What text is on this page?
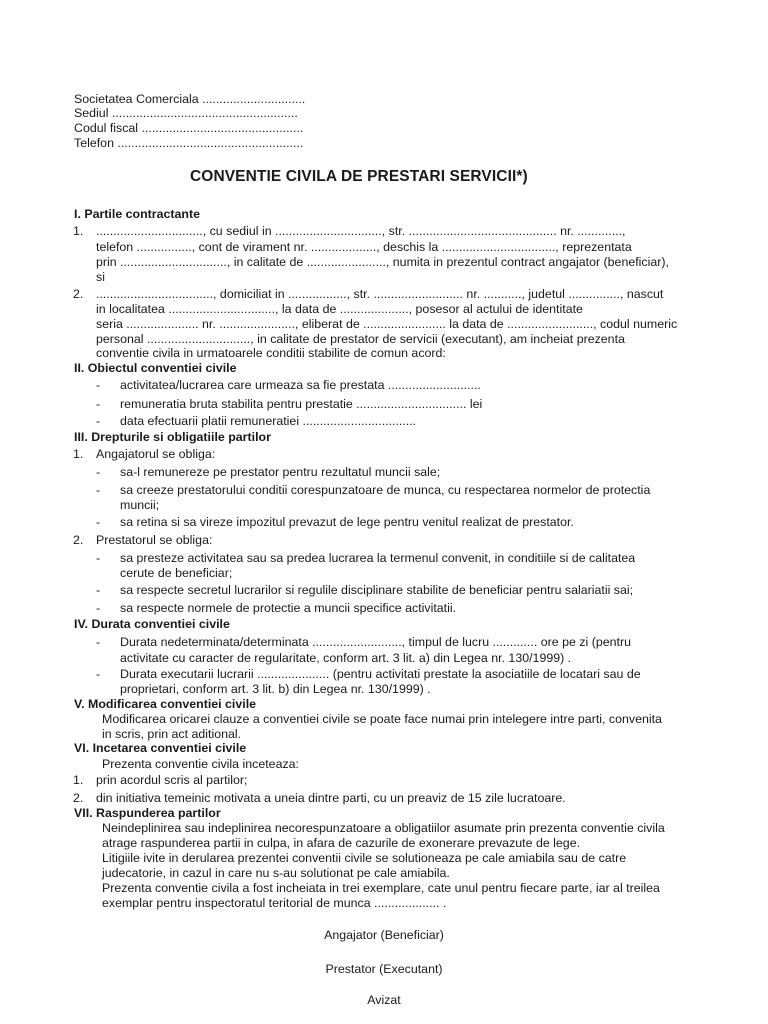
Societatea Comerciala ..............................
Sediul ......................................................
Codul fiscal ...............................................
Telefon ......................................................
CONVENTIE CIVILA DE PRESTARI SERVICII*)
I. Partile contractante
1. ..............................., cu sediul in ..............................., str. ........................................... nr. .............,
telefon ................, cont de virament nr. ..................., deschis la ................................., reprezentata
prin ..............................., in calitate de ......................., numita in prezentul contract angajator (beneficiar),
si
2. .................................., domiciliat in ................., str. .......................... nr. ..........., judetul ..............., nascut
in localitatea ..............................., la data de ...................., posesor al actului de identitate
seria ..................... nr. ......................, eliberat de ........................ la data de ........................., codul numeric
personal .............................., in calitate de prestator de servicii (executant), am incheiat prezenta
conventie civila in urmatoarele conditii stabilite de comun acord:
II. Obiectul conventiei civile
- activitatea/lucrarea care urmeaza sa fie prestata ...........................
- remuneratia bruta stabilita pentru prestatie ................................ lei
- data efectuarii platii remuneratiei .................................
III. Drepturile si obligatiile partilor
1. Angajatorul se obliga:
- sa-l remunereze pe prestator pentru rezultatul muncii sale;
- sa creeze prestatorului conditii corespunzatoare de munca, cu respectarea normelor de protectia
muncii;
- sa retina si sa vireze impozitul prevazut de lege pentru venitul realizat de prestator.
2. Prestatorul se obliga:
- sa presteze activitatea sau sa predea lucrarea la termenul convenit, in conditiile si de calitatea
cerute de beneficiar;
- sa respecte secretul lucrarilor si regulile disciplinare stabilite de beneficiar pentru salariatii sai;
- sa respecte normele de protectie a muncii specifice activitatii.
IV. Durata conventiei civile
- Durata nedeterminata/determinata .........................., timpul de lucru ............. ore pe zi (pentru
activitate cu caracter de regularitate, conform art. 3 lit. a) din Legea nr. 130/1999) .
- Durata executarii lucrarii ..................... (pentru activitati prestate la asociatiile de locatari sau de
proprietari, conform art. 3 lit. b) din Legea nr. 130/1999) .
V. Modificarea conventiei civile
Modificarea oricarei clauze a conventiei civile se poate face numai prin intelegere intre parti, convenita
in scris, prin act aditional.
VI. Incetarea conventiei civile
Prezenta conventie civila inceteaza:
1. prin acordul scris al partilor;
2. din initiativa temeinic motivata a uneia dintre parti, cu un preaviz de 15 zile lucratoare.
VII. Raspunderea partilor
Neindeplinirea sau indeplinirea necorespunzatoare a obligatiilor asumate prin prezenta conventie civila
atrage raspunderea partii in culpa, in afara de cazurile de exonerare prevazute de lege.
Litigiile ivite in derularea prezentei conventii civile se solutioneaza pe cale amiabila sau de catre
judecatorie, in cazul in care nu s-au solutionat pe cale amiabila.
Prezenta conventie civila a fost incheiata in trei exemplare, cate unul pentru fiecare parte, iar al treilea
exemplar pentru inspectoratul teritorial de munca ................... .
Angajator (Beneficiar)
Prestator (Executant)
Avizat
